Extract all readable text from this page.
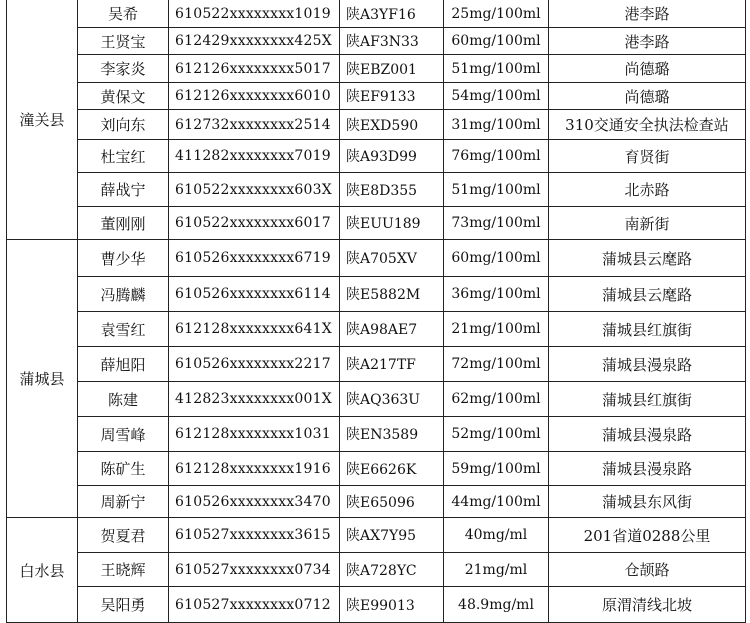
潼关县
吴希	610522xxxxxxxx1019	陕A3YF16	25mg/100ml	港李路
王贤宝	612429xxxxxxxx425X	陕AF3N33	60mg/100ml	港李路
李家炎	612126xxxxxxxx5017	陕EBZ001	51mg/100ml	尚德璐
黄保文	612126xxxxxxxx6010	陕EF9133	54mg/100ml	尚德璐
刘向东	612732xxxxxxxx2514	陕EXD590	31mg/100ml	310交通安全执法检查站
杜宝红	411282xxxxxxxx7019	陕A93D99	76mg/100ml	育贤街
薛战宁	610522xxxxxxxx603X	陕E8D355	51mg/100ml	北赤路
董刚刚	610522xxxxxxxx6017	陕EUU189	73mg/100ml	南新街
蒲城县
曹少华	610526xxxxxxxx6719	陕A705XV	60mg/100ml	蒲城县云麾路
冯腾麟	610526xxxxxxxx6114	陕E5882M	36mg/100ml	蒲城县云麾路
袁雪红	612128xxxxxxxx641X	陕A98AE7	21mg/100ml	蒲城县红旗街
薛旭阳	610526xxxxxxxx2217	陕A217TF	72mg/100ml	蒲城县漫泉路
陈建	412823xxxxxxxx001X	陕AQ363U	62mg/100ml	蒲城县红旗街
周雪峰	612128xxxxxxxx1031	陕EN3589	52mg/100ml	蒲城县漫泉路
陈矿生	612128xxxxxxxx1916	陕E6626K	59mg/100ml	蒲城县漫泉路
周新宁	610526xxxxxxxx3470	陕E65096	44mg/100ml	蒲城县东风街
白水县
贺夏君	610527xxxxxxxx3615	陕AX7Y95	40mg/ml	201省道0288公里
王晓辉	610527xxxxxxxx0734	陕A728YC	21mg/ml	仓颉路
吴阳勇	610527xxxxxxxx0712	陕E99013	48.9mg/ml	原渭清线北坡
